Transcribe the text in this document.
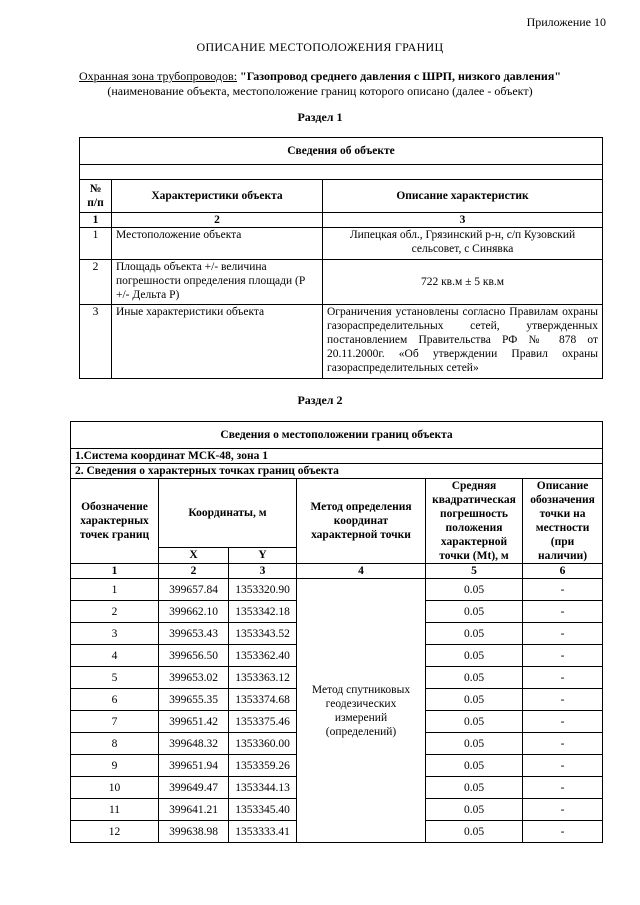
Приложение 10
ОПИСАНИЕ МЕСТОПОЛОЖЕНИЯ ГРАНИЦ
Охранная зона трубопроводов: "Газопровод среднего давления с ШРП, низкого давления"
(наименование объекта, местоположение границ которого описано (далее - объект)
Раздел 1
Сведения об объекте		

№ п/п	Характеристики объекта	Описание характеристик
1	2	3
1	Местоположение объекта	Липецкая обл., Грязинский р-н, с/п Кузовский сельсовет, с Синявка
2	Площадь объекта +/- величина погрешности определения площади (Р +/- Дельта Р)	722 кв.м ± 5 кв.м
3	Иные характеристики объекта	Ограничения установлены согласно Правилам охраны газораспределительных сетей, утвержденных постановлением Правительства РФ № 878 от 20.11.2000г. «Об утверждении Правил охраны газораспределительных сетей»
Раздел 2
Сведения о местоположении границ объекта					
1.Система координат МСК-48, зона 1					
2. Сведения о характерных точках границ объекта					
Обозначение характерных точек границ	Координаты, м		Метод определения координат характерной точки	Средняя квадратическая погрешность положения характерной точки (Mt), м	Описание обозначения точки на местности (при наличии)
	X	Y			
1	2	3	4	5	6
1	399657.84	1353320.90	Метод спутниковых геодезических измерений (определений)	0.05	-
2	399662.10	1353342.18		0.05	-
3	399653.43	1353343.52		0.05	-
4	399656.50	1353362.40		0.05	-
5	399653.02	1353363.12		0.05	-
6	399655.35	1353374.68		0.05	-
7	399651.42	1353375.46		0.05	-
8	399648.32	1353360.00		0.05	-
9	399651.94	1353359.26		0.05	-
10	399649.47	1353344.13		0.05	-
11	399641.21	1353345.40		0.05	-
12	399638.98	1353333.41		0.05	-
